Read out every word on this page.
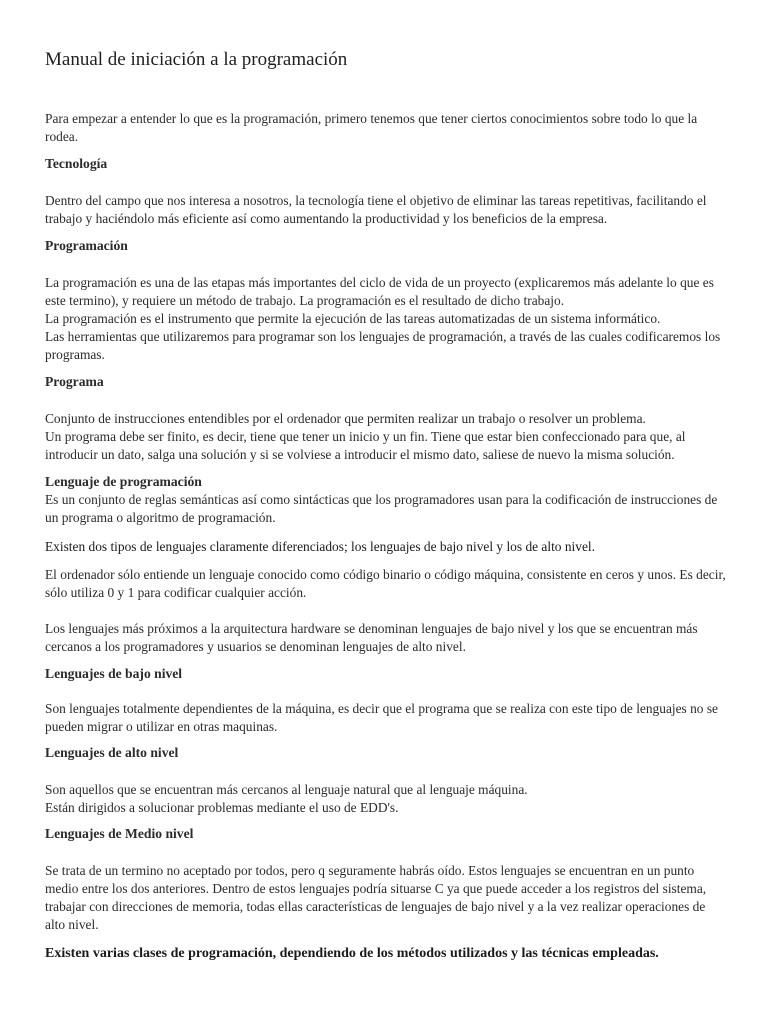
Manual de iniciación a la programación

Para empezar a entender lo que es la programación, primero tenemos que tener ciertos conocimientos sobre todo lo que la rodea.

Tecnología

Dentro del campo que nos interesa a nosotros, la tecnología tiene el objetivo de eliminar las tareas repetitivas, facilitando el trabajo y haciéndolo más eficiente así como aumentando la productividad y los beneficios de la empresa.

Programación

La programación es una de las etapas más importantes del ciclo de vida de un proyecto (explicaremos más adelante lo que es este termino), y requiere un método de trabajo. La programación es el resultado de dicho trabajo.
La programación es el instrumento que permite la ejecución de las tareas automatizadas de un sistema informático.
Las herramientas que utilizaremos para programar son los lenguajes de programación, a través de las cuales codificaremos los programas.

Programa

Conjunto de instrucciones entendibles por el ordenador que permiten realizar un trabajo o resolver un problema.
Un programa debe ser finito, es decir, tiene que tener un inicio y un fin. Tiene que estar bien confeccionado para que, al introducir un dato, salga una solución y si se volviese a introducir el mismo dato, saliese de nuevo la misma solución.

Lenguaje de programación

Es un conjunto de reglas semánticas así como sintácticas que los programadores usan para la codificación de instrucciones de un programa o algoritmo de programación.

Existen dos tipos de lenguajes claramente diferenciados; los lenguajes de bajo nivel y los de alto nivel.

El ordenador sólo entiende un lenguaje conocido como código binario o código máquina, consistente en ceros y unos. Es decir, sólo utiliza 0 y 1 para codificar cualquier acción.

Los lenguajes más próximos a la arquitectura hardware se denominan lenguajes de bajo nivel y los que se encuentran más cercanos a los programadores y usuarios se denominan lenguajes de alto nivel.

Lenguajes de bajo nivel

Son lenguajes totalmente dependientes de la máquina, es decir que el programa que se realiza con este tipo de lenguajes no se pueden migrar o utilizar en otras maquinas.

Lenguajes de alto nivel

Son aquellos que se encuentran más cercanos al lenguaje natural que al lenguaje máquina.
Están dirigidos a solucionar problemas mediante el uso de EDD's.

Lenguajes de Medio nivel

Se trata de un termino no aceptado por todos, pero q seguramente habrás oído. Estos lenguajes se encuentran en un punto medio entre los dos anteriores. Dentro de estos lenguajes podría situarse C ya que puede acceder a los registros del sistema, trabajar con direcciones de memoria, todas ellas características de lenguajes de bajo nivel y a la vez realizar operaciones de alto nivel.

Existen varias clases de programación, dependiendo de los métodos utilizados y las técnicas empleadas.
